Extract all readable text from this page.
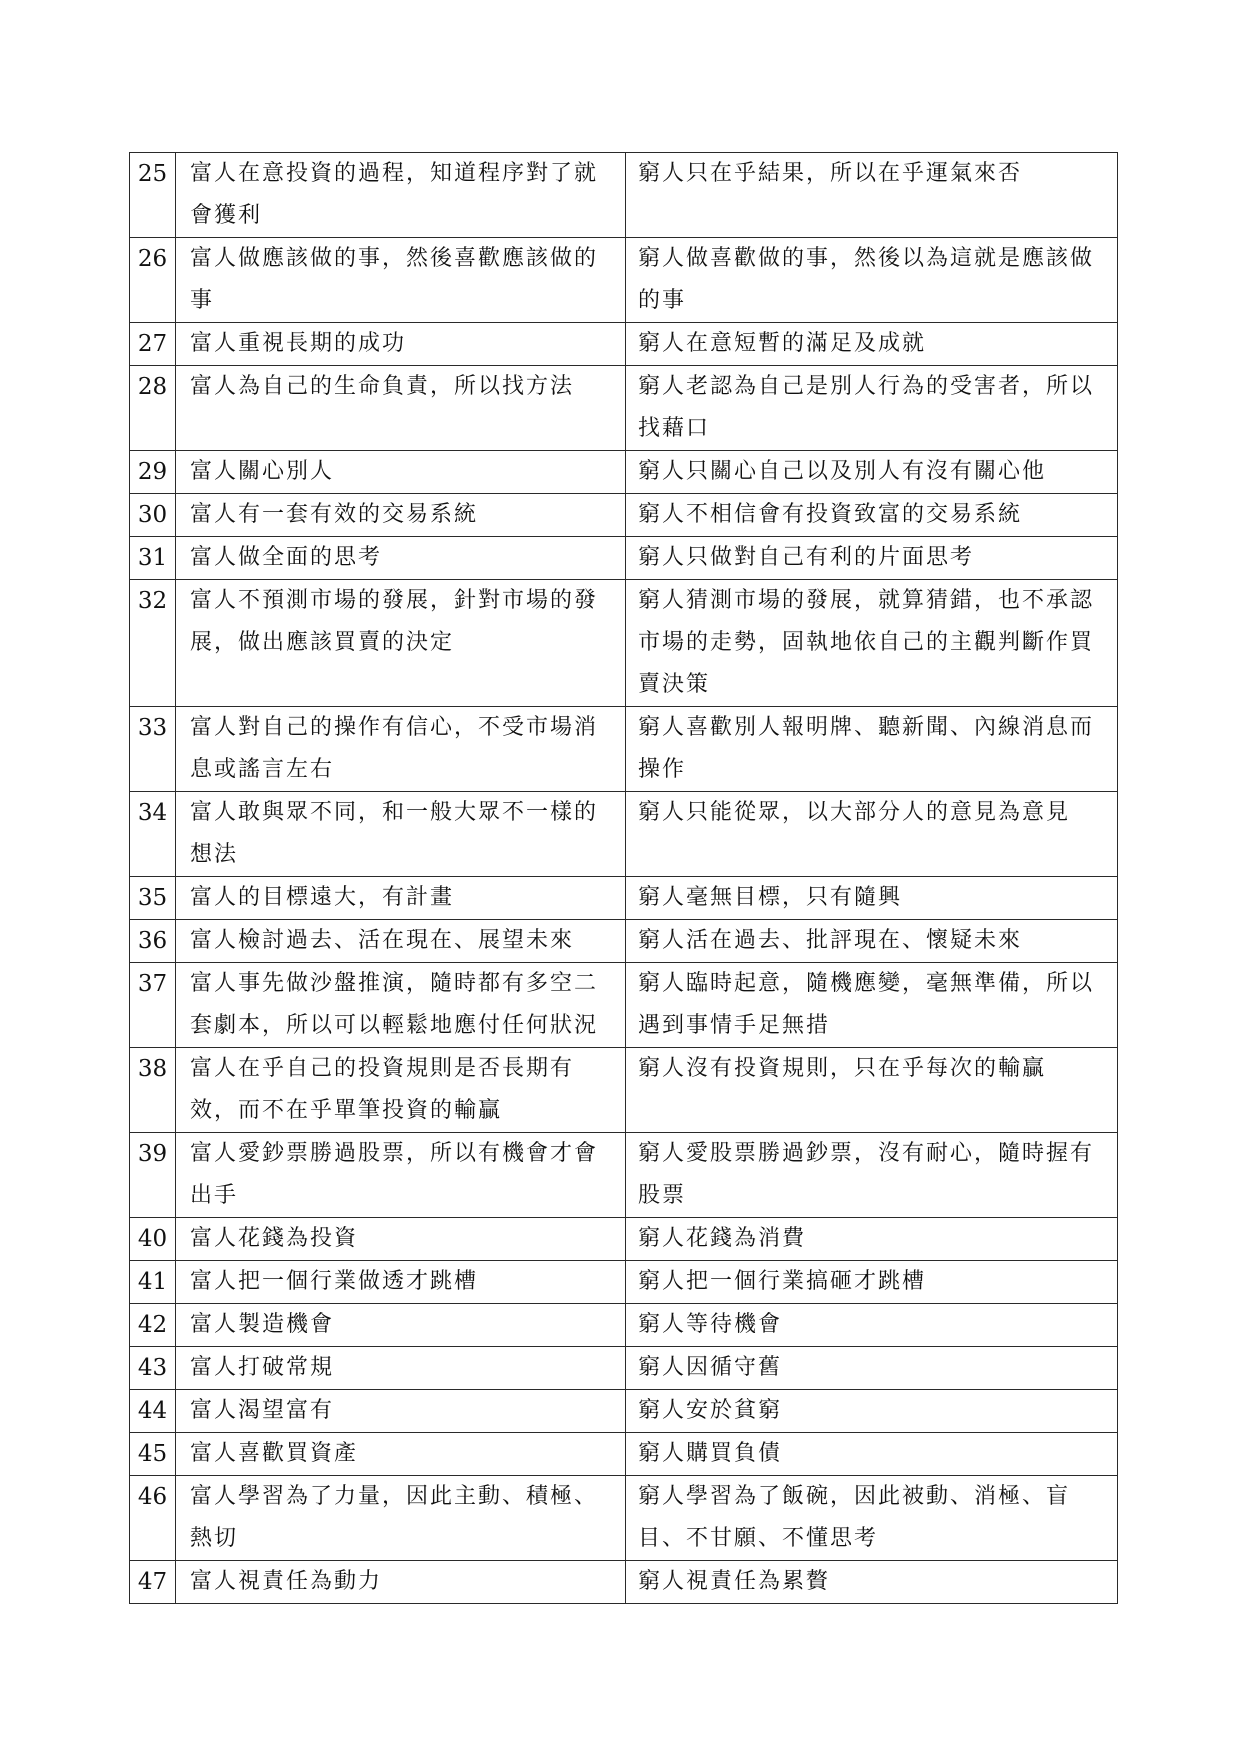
25	富人在意投資的過程，知道程序對了就會獲利	窮人只在乎結果，所以在乎運氣來否
26	富人做應該做的事，然後喜歡應該做的事	窮人做喜歡做的事，然後以為這就是應該做的事
27	富人重視長期的成功	窮人在意短暫的滿足及成就
28	富人為自己的生命負責，所以找方法	窮人老認為自己是別人行為的受害者，所以找藉口
29	富人關心別人	窮人只關心自己以及別人有沒有關心他
30	富人有一套有效的交易系統	窮人不相信會有投資致富的交易系統
31	富人做全面的思考	窮人只做對自己有利的片面思考
32	富人不預測市場的發展，針對市場的發展，做出應該買賣的決定	窮人猜測市場的發展，就算猜錯，也不承認市場的走勢，固執地依自己的主觀判斷作買賣決策
33	富人對自己的操作有信心，不受市場消息或謠言左右	窮人喜歡別人報明牌、聽新聞、內線消息而操作
34	富人敢與眾不同，和一般大眾不一樣的想法	窮人只能從眾，以大部分人的意見為意見
35	富人的目標遠大，有計畫	窮人毫無目標，只有隨興
36	富人檢討過去、活在現在、展望未來	窮人活在過去、批評現在、懷疑未來
37	富人事先做沙盤推演，隨時都有多空二套劇本，所以可以輕鬆地應付任何狀況	窮人臨時起意，隨機應變，毫無準備，所以遇到事情手足無措
38	富人在乎自己的投資規則是否長期有效，而不在乎單筆投資的輸贏	窮人沒有投資規則，只在乎每次的輸贏
39	富人愛鈔票勝過股票，所以有機會才會出手	窮人愛股票勝過鈔票，沒有耐心，隨時握有股票
40	富人花錢為投資	窮人花錢為消費
41	富人把一個行業做透才跳槽	窮人把一個行業搞砸才跳槽
42	富人製造機會	窮人等待機會
43	富人打破常規	窮人因循守舊
44	富人渴望富有	窮人安於貧窮
45	富人喜歡買資產	窮人購買負債
46	富人學習為了力量，因此主動、積極、熱切	窮人學習為了飯碗，因此被動、消極、盲目、不甘願、不懂思考
47	富人視責任為動力	窮人視責任為累贅
